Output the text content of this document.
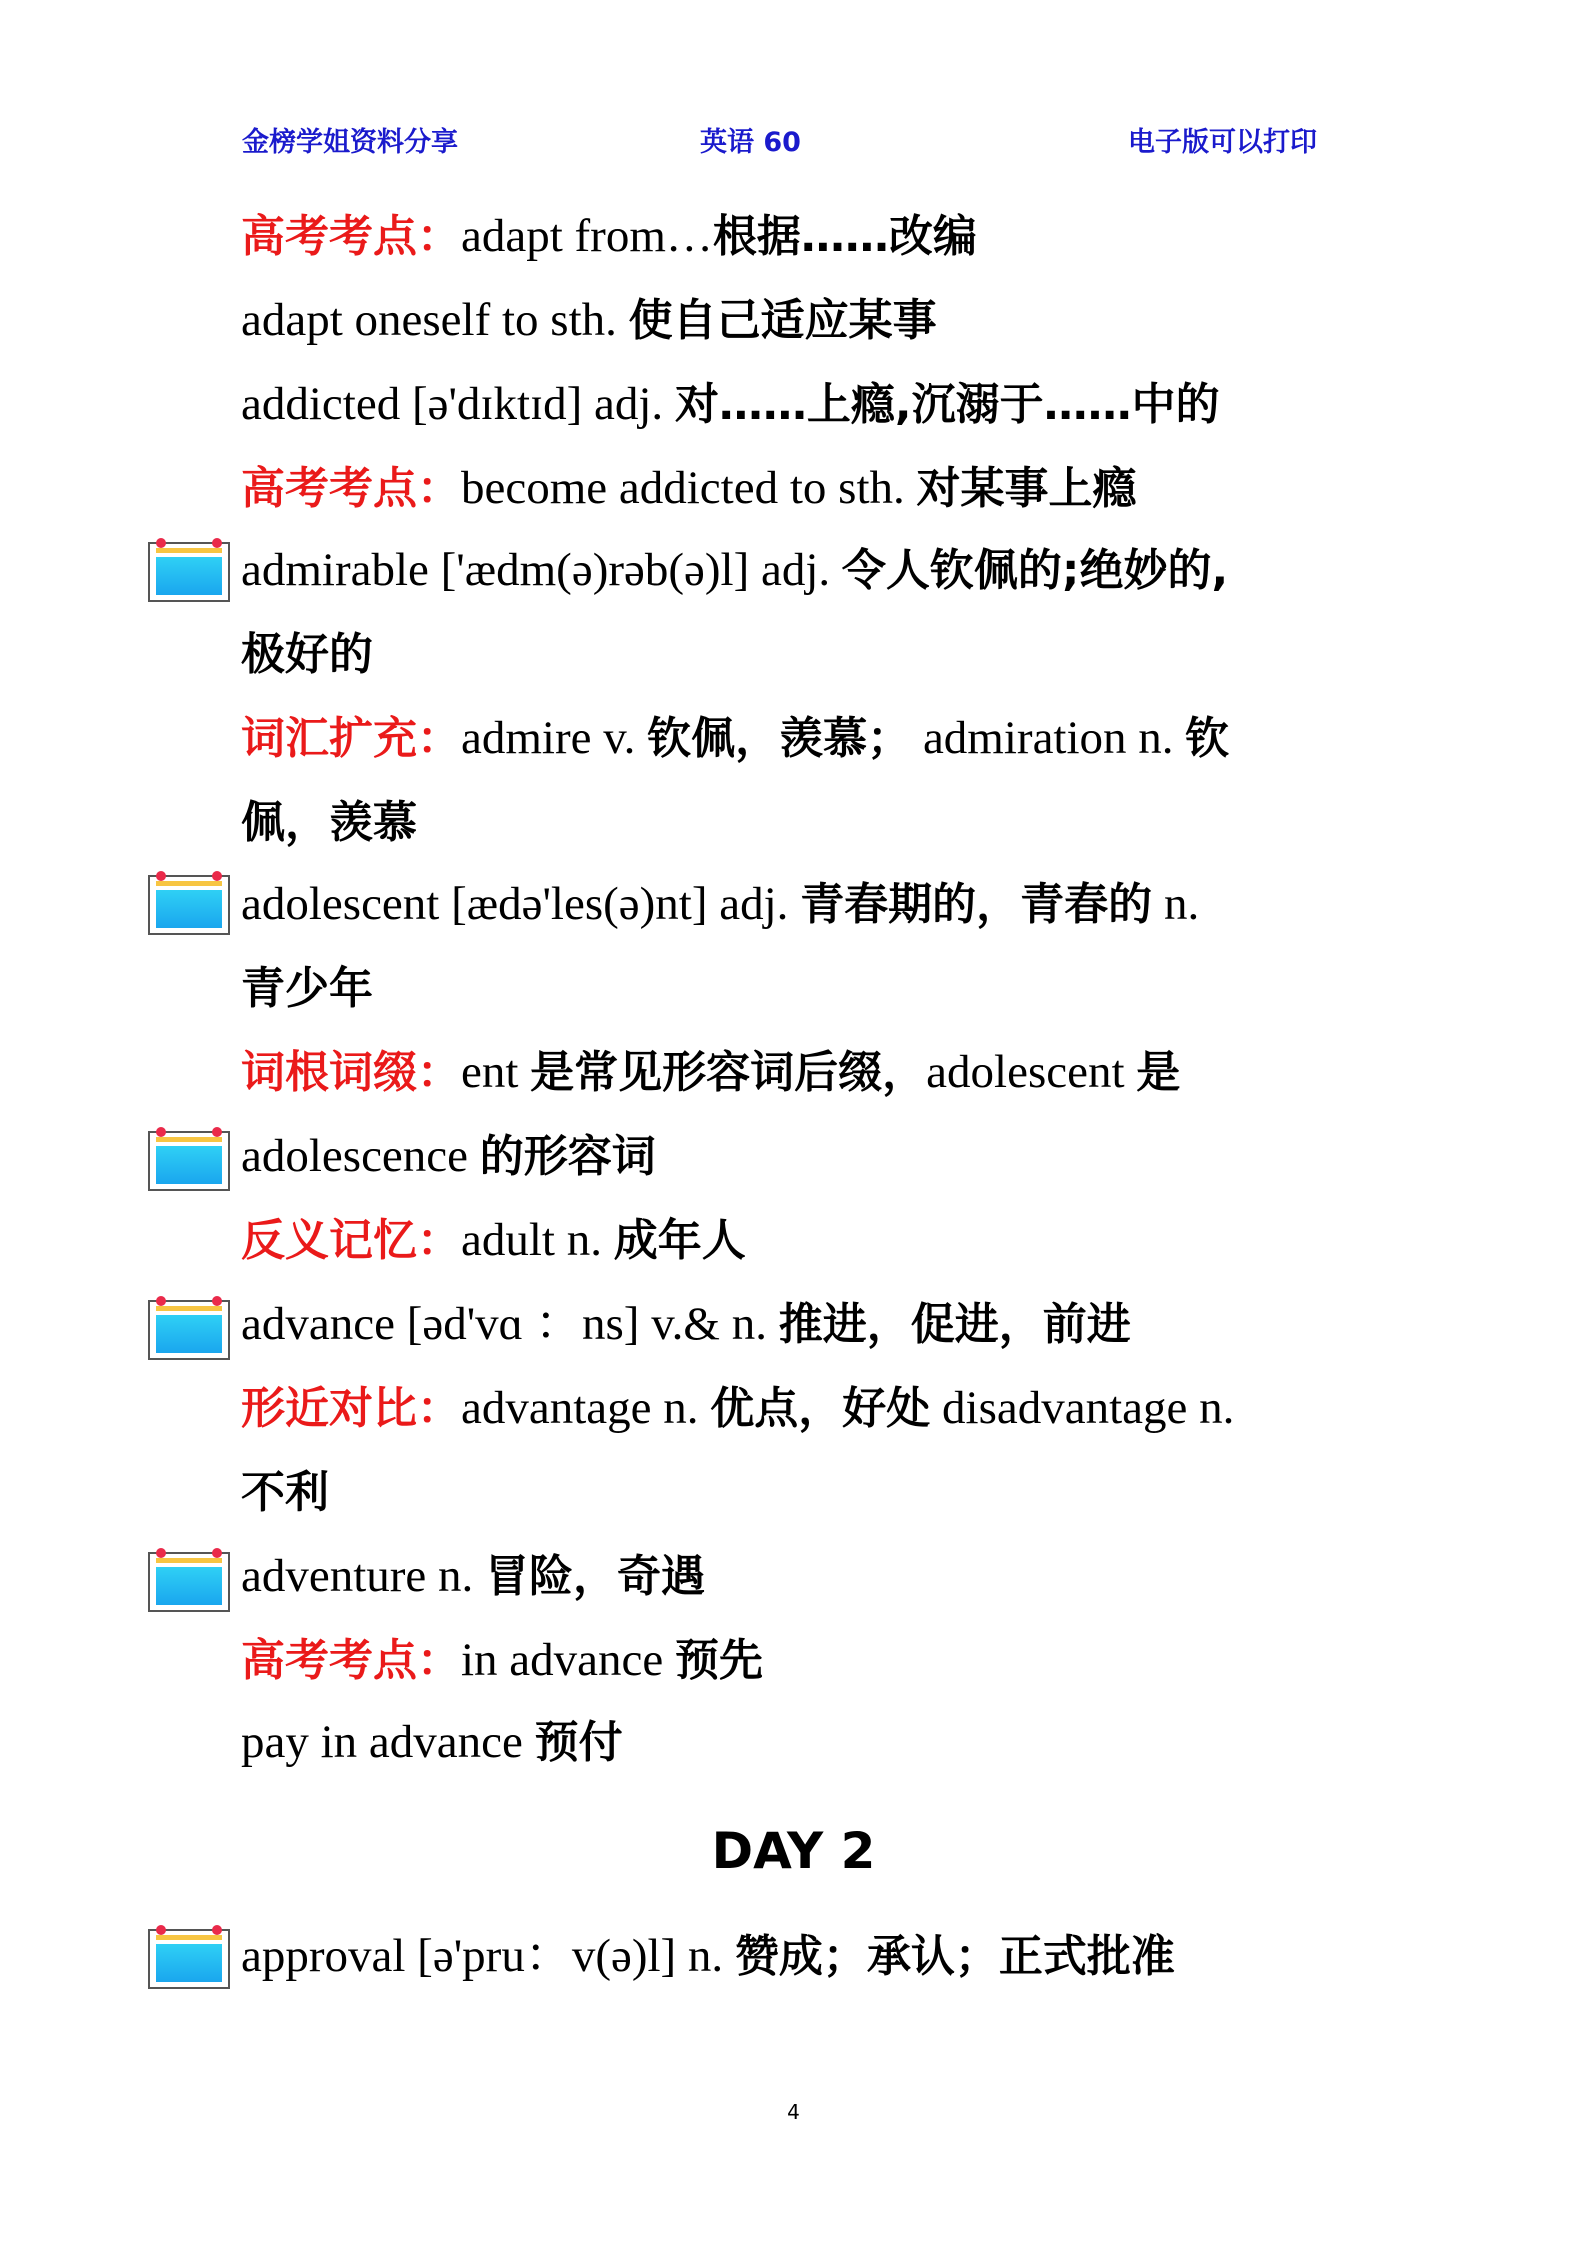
金榜学姐资料分享	英语 60	电子版可以打印
高考考点：adapt from…根据……改编
adapt oneself to sth. 使自己适应某事
addicted [ə'dɪktɪd] adj. 对……上瘾,沉溺于……中的
高考考点：become addicted to sth. 对某事上瘾
admirable ['ædm(ə)rəb(ə)l] adj. 令人钦佩的;绝妙的,
极好的
词汇扩充：admire v. 钦佩，羡慕； admiration n. 钦
佩，羡慕
adolescent [ædə'les(ə)nt] adj. 青春期的，青春的 n.
青少年
词根词缀：ent 是常见形容词后缀，adolescent 是
adolescence 的形容词
反义记忆：adult n. 成年人
advance [əd'vɑ ：ns] v.& n. 推进，促进，前进
形近对比：advantage n. 优点，好处 disadvantage n.
不利
adventure n. 冒险，奇遇
高考考点：in advance 预先
pay in advance 预付
DAY 2
approval [ə'pru：v(ə)l] n. 赞成；承认；正式批准
4
